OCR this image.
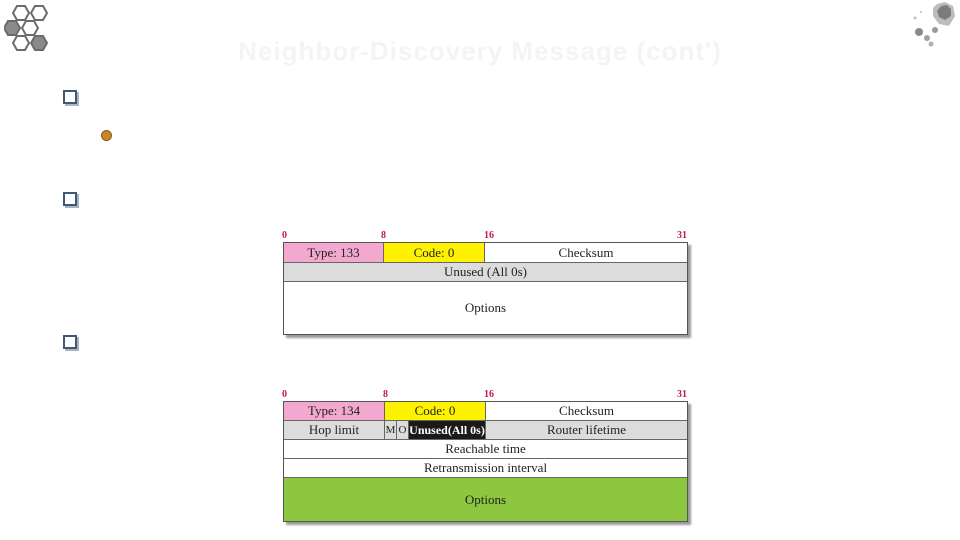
Neighbor-Discovery Message (cont')
0	8	16	31
Type: 133	Code: 0	Checksum
Unused (All 0s)
Options
0	8	16	31
Type: 134	Code: 0	Checksum
Hop limit	M O Unused(All 0s)	Router lifetime
Reachable time
Retransmission interval
Options
